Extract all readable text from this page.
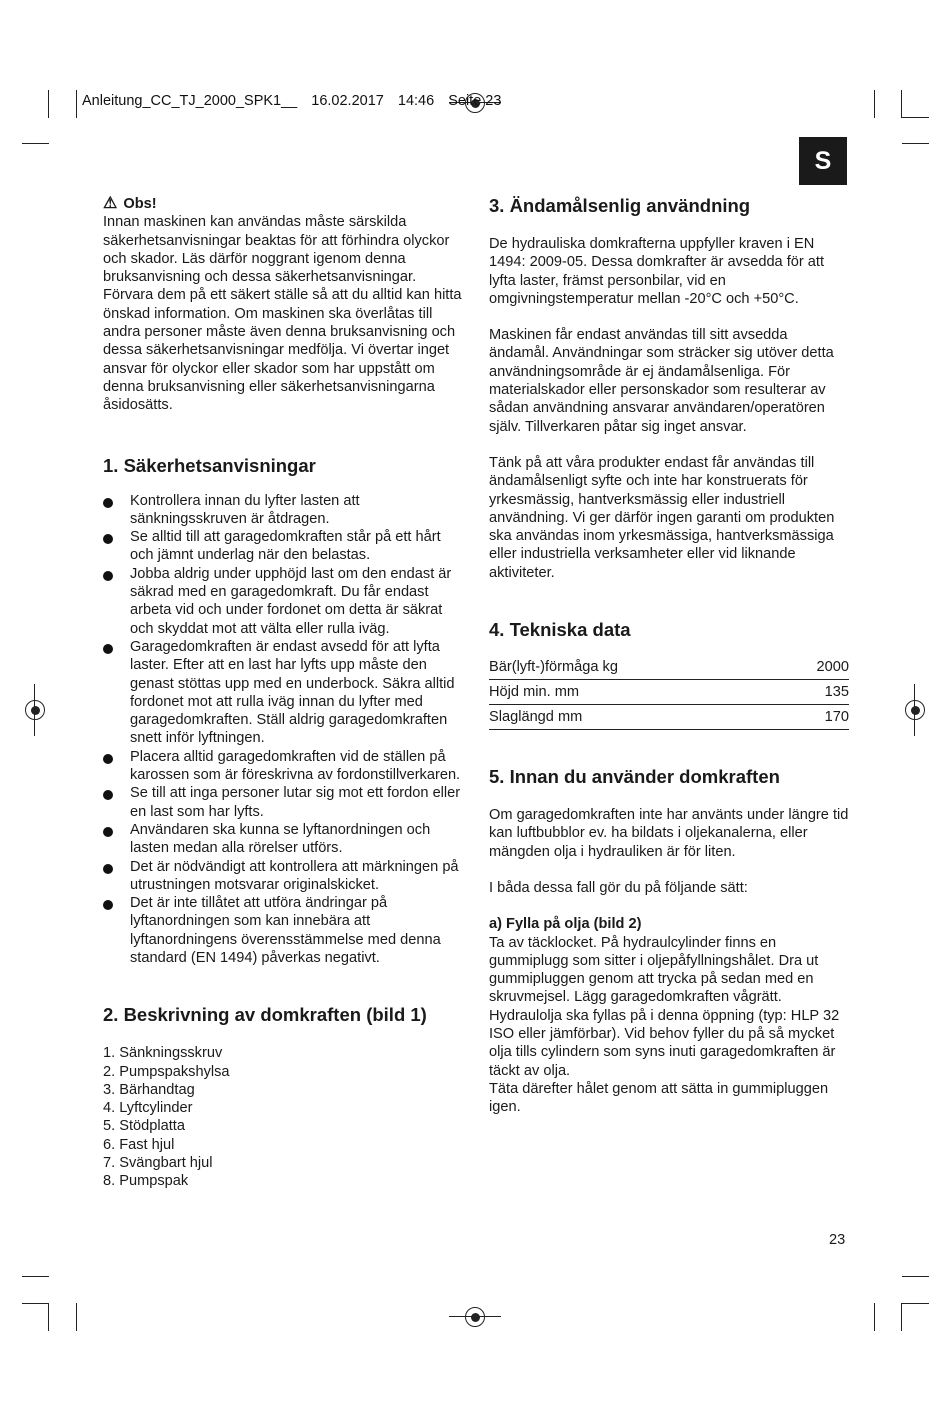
Anleitung_CC_TJ_2000_SPK1__ 16.02.2017 14:46 Seite 23
S
⚠ Obs!

Innan maskinen kan användas måste särskilda säkerhetsanvisningar beaktas för att förhindra olyckor och skador. Läs därför noggrant igenom denna bruksanvisning och dessa säkerhetsanvisningar. Förvara dem på ett säkert ställe så att du alltid kan hitta önskad information. Om maskinen ska överlåtas till andra personer måste även denna bruksanvisning och dessa säkerhetsanvisningar medfölja. Vi övertar inget ansvar för olyckor eller skador som har uppstått om denna bruksanvisning eller säkerhetsanvisningarna åsidosätts.

1. Säkerhetsanvisningar
Kontrollera innan du lyfter lasten att sänkningsskruven är åtdragen.
Se alltid till att garagedomkraften står på ett hårt och jämnt underlag när den belastas.
Jobba aldrig under upphöjd last om den endast är säkrad med en garagedomkraft. Du får endast arbeta vid och under fordonet om detta är säkrat och skyddat mot att välta eller rulla iväg.
Garagedomkraften är endast avsedd för att lyfta laster. Efter att en last har lyfts upp måste den genast stöttas upp med en underbock. Säkra alltid fordonet mot att rulla iväg innan du lyfter med garagedomkraften. Ställ aldrig garagedomkraften snett inför lyftningen.
Placera alltid garagedomkraften vid de ställen på karossen som är föreskrivna av fordonstillverkaren.
Se till att inga personer lutar sig mot ett fordon eller en last som har lyfts.
Användaren ska kunna se lyftanordningen och lasten medan alla rörelser utförs.
Det är nödvändigt att kontrollera att märkningen på utrustningen motsvarar originalskicket.
Det är inte tillåtet att utföra ändringar på lyftanordningen som kan innebära att lyftanordningens överensstämmelse med denna standard (EN 1494) påverkas negativt.
2. Beskrivning av domkraften (bild 1)
1. Sänkningsskruv
2. Pumpspakshylsa
3. Bärhandtag
4. Lyftcylinder
5. Stödplatta
6. Fast hjul
7. Svängbart hjul
8. Pumpspak
3. Ändamålsenlig användning

De hydrauliska domkrafterna uppfyller kraven i EN 1494: 2009-05. Dessa domkrafter är avsedda för att lyfta laster, främst personbilar, vid en omgivningstemperatur mellan -20°C och +50°C.

Maskinen får endast användas till sitt avsedda ändamål. Användningar som sträcker sig utöver detta användningsområde är ej ändamålsenliga. För materialskador eller personskador som resulterar av sådan användning ansvarar användaren/operatören själv. Tillverkaren påtar sig inget ansvar.

Tänk på att våra produkter endast får användas till ändamålsenligt syfte och inte har konstruerats för yrkesmässig, hantverksmässig eller industriell användning. Vi ger därför ingen garanti om produkten ska användas inom yrkesmässiga, hantverksmässiga eller industriella verksamheter eller vid liknande aktiviteter.

4. Tekniska data
Bär(lyft-)förmåga kg	2000
Höjd min. mm	135
Slaglängd mm	170
5. Innan du använder domkraften

Om garagedomkraften inte har använts under längre tid kan luftbubblor ev. ha bildats i oljekanalerna, eller mängden olja i hydrauliken är för liten.

I båda dessa fall gör du på följande sätt:

a) Fylla på olja (bild 2)

Ta av täcklocket. På hydraulcylinder finns en gummiplugg som sitter i oljepåfyllningshålet. Dra ut gummipluggen genom att trycka på sedan med en skruvmejsel. Lägg garagedomkraften vågrätt. Hydraulolja ska fyllas på i denna öppning (typ: HLP 32 ISO eller jämförbar). Vid behov fyller du på så mycket olja tills cylindern som syns inuti garagedomkraften är täckt av olja.

Täta därefter hålet genom att sätta in gummipluggen igen.

23
